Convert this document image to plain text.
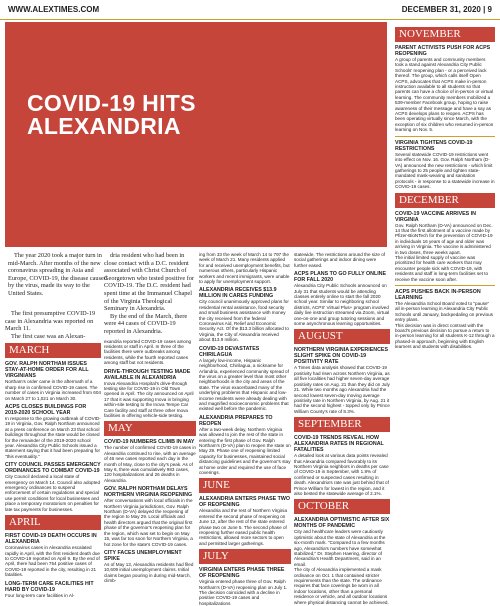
WWW.ALEXTIMES.COM	DECEMBER 31, 2020 | 9
COVID-19 HITS
ALEXANDRIA
NOVEMBER
PARENT ACTIVISTS PUSH FOR ACPS REOPENING
A group of parents and community members took a stand against Alexandria City Public Schools' reopening plan - or a perceived lack thereof. The group, which calls itself Open ACPS, advocates that ACPS make in-person instruction available to all students so that parents can have a choice of in-person or virtual learning. The community members mobilized a 539-member Facebook group, hoping to raise awareness of their message and have a say as ACPS develops plans to reopen. ACPS has been operating virtually since March, with the exception of six children who resumed in-person learning on Nov. 5.
VIRGINIA TIGHTENS COVID-19 RESTRICTIONS
Several statewide COVID-19 restrictions went into effect on Nov. 16. Gov. Ralph Northam (D-VA) announced the new restrictions - which limit gatherings to 25 people and tighten state-mandated mask-wearing and sanitation protocols - in response to a statewide increase in COVID-19 cases.
DECEMBER
COVID-19 VACCINE ARRIVES IN VIRGINIA
Gov. Ralph Northam (D-VA) announced on Dec. 14 that the first allotment of a vaccine made by Pfizer-BioNTech for the prevention of COVID-19 in individuals 16 years of age and older was arriving in Virginia. The vaccine is administered in two doses, three weeks apart.
The initial limited supply of vaccine was prioritized for health care workers that may encounter people sick with COVID-19, with residents and staff in long-term facilities set to receive the vaccine soon after.
ACPS PUSHES BACK IN-PERSON LEARNING
The Alexandria School Board voted to "pause" all in-person learning in Alexandria City Public Schools until January, backpedaling on previous entry plans.
This decision was in direct contrast with the board's previous decision to pursue a return to in-person learning for all students K-12 through a phased-in approach, beginning with English learners and students with disabilities.
The year 2020 took a major turn in mid-March. After months of the new coronavirus spreading in Asia and Europe, COVID-19, the disease caused by the virus, made its way to the United States.
The first presumptive COVID-19 case in Alexandria was reported on March 11.
The first case was an Alexan-
MARCH
GOV. RALPH NORTHAM ISSUES STAY-AT-HOME ORDER FOR ALL VIRGINIANS
Northam's order came in the aftermath of a sharp rise in confirmed COVID-19 cases. The number of cases in Virginia increased from 604 on March 27 to 1,021 on March 30.
ACPS CLOSES BUILDINGS FOR 2019-2020 SCHOOL YEAR
In response to the growing outbreak of COVID-19 in Virginia, Gov. Ralph Northam announced at a press conference on March 23 that school buildings throughout the state would be closed for the remainder of the 2019-2020 school year. Alexandria City Public Schools issued a statement saying that it had been preparing for "this eventuality."
CITY COUNCIL PASSES EMERGENCY ORDINANCES TO COMBAT COVID-19
City Council declared a local state of emergency on March 14. Council also adopted emergency ordinances to suspend enforcement of certain regulations and special use permit conditions for local businesses and place a temporary moratorium on penalties for late tax payments for businesses.
APRIL
FIRST COVID-19 DEATH OCCURS IN ALEXANDRIA
Coronavirus cases in Alexandria escalated rapidly in April, with the first resident death due to COVID-19 reported on April 9. By the end of April, there had been 754 positive cases of COVID-19 reported in the city, resulting in 21 fatalities.
LONG-TERM CARE FACILITIES HIT HARD BY COVID-19
Four long-term care facilities in Al-
dria resident who had been in close contact with a D.C. resident associated with Christ Church of Georgetown who tested positive for COVID-19. The D.C. resident had spent time at the Immanuel Chapel of the Virginia Theological Seminary in Alexandria.
By the end of the March, there were 44 cases of COVID-19 reported in Alexandria.
exandria reported COVID-19 cases among residents or staff in April. In three of the facilities there were outbreaks among residents, while the fourth reported cases among staff but not residents.
DRIVE-THROUGH TESTING MADE AVAILABLE IN ALEXANDRIA
Inova Alexandria Hospital's drive-through testing site for COVID-19 in Old Town opened in April. The city announced on April 17 that it was supporting Inova in bringing within-site testing to the Inova Tempe Car Care facility and staff at three other Inova facilities in offering vehicle-side testing.
MAY
COVID-19 NUMBERS CLIMB IN MAY
The number of confirmed COVID-19 cases in Alexandria continued to rise, with an average of 46 new cases reported each day in the month of May, close to the city's peak. As of May 6, there was cumulatively 983 cases, 120 hospitalizations and 26 deaths in Alexandria.
GOV. RALPH NORTHAM DELAYS NORTHERN VIRGINIA REOPENING
After conversations with local officials in the Northern Virginia jurisdictions, Gov. Ralph Northam (D-VA) delayed the reopening of the region to May 29. Local officials and health directors argued that the original first phase of the governor's reopening plan for the region, which was set to begin on May 15, was far too soon for Northern Virginia, a hot zone for the state's COVID-19 cases.
CITY FACES UNEMPLOYMENT SPIKE
As of May 13, Alexandria residents had filed 10,609 initial unemployment claims. Initial claims began pouring in during mid-March, climb-
ing from 33 the week of March 14 to 797 the week of March 21. Many residents applied for and received unemployment benefits, but numerous others, particularly Hispanic workers and recent immigrants, were unable to apply for unemployment support.
ALEXANDRIA RECEIVES $13.9 MILLION IN CARES FUNDING
City council unanimously approved plans for residential rental assistance, food security and small business assistance with money the city received from the federal Coronavirus Aid, Relief and Economic Security Act. Of the $13.3 billion allocated to Virginia, the City of Alexandria received about $13.9 million.
COVID-19 DEVASTATES CHIRILAGUA
A largely low-income, Hispanic neighborhood, Chirilagua, a nickname for Arlandria, experienced community spread of the virus on a greater level than most other neighborhoods in the city and areas of the state. The virus exacerbated many of the underlying problems that Hispanic and low-income residents were already dealing with and magnified socioeconomic problems that existed well before the pandemic.
ALEXANDRIA PREPARES TO REOPEN
After a two-week delay, Northern Virginia was allowed to join the rest of the state in entering the first phase of Gov. Ralph Northam's (D-VA) plan to reopen the state on May 29. Phase one of reopening limited capacity for businesses, maintained social distancing guidelines and the governor's stay at home order and required the use of face coverings.
JUNE
ALEXANDRIA ENTERS PHASE TWO OF REOPENING
Alexandria and the rest of Northern Virginia entered the second phase of reopening on June 12, after the rest of the state entered phase two on June 5. The second phase of reopening further eased public health restrictions, allowed more sectors to open and permitted larger gatherings.
JULY
VIRGINIA ENTERS PHASE THREE OF REOPENING
Virginia entered phase three of Gov. Ralph Northam's (D-VA) reopening plan on July 1. The decision coincided with a decline in positive COVID-19 cases and hospitalizations
statewide. The restrictions around the size of social gatherings and indoor dining were further eased.
ACPS PLANS TO GO FULLY ONLINE FOR FALL 2020
Alexandria City Public Schools announced on July 31 that students would be attending classes entirely online to start the fall 2020 school year. Similar to neighboring school districts, ACPS' Virtual Plus+ program involved daily live instruction streamed via Zoom, virtual one-on-one and group tutoring sessions and some asynchronous learning opportunities.
AUGUST
NORTHERN VIRGINIA EXPERIENCES SLIGHT SPIKE ON COVID-19 POSITIVITY RATE
A Times data analysis showed that COVID-19 positivity had risen across Northern Virginia, as all five localities had higher seven-day average positivity rates on Aug. 21 than they did on July 21. While two months ago Alexandria had the second lowest seven-day moving average positivity rate in Northern Virginia, by Aug. 21 it had the second highest - topped only by Prince William County's rate of 8.3%.
SEPTEMBER
COVID-19 TRENDS REVEAL HOW ALEXANDRIA RATES IN REGIONAL FATALITIES
A detailed look at various data points revealed that Alexandria compared favorably to its Northern Virginia neighbors in deaths per case of COVID-19 in September, with 1.8% of confirmed or suspected cases resulting in death. Alexandria's rate was just behind that of Prince William for lowest in the region, and it also bested the statewide average of 2.1%.
OCTOBER
ALEXANDRIA OPTIMISTIC AFTER SIX MONTHS OF PANDEMIC
City and healthcare leaders were cautiously optimistic about the state of Alexandria at the six-month mark. "Compared to a few months ago, Alexandria's numbers have somewhat stabilized," Dr. Stephen Haering, director of Alexandria's Health Department, said in an email.
The city of Alexandria implemented a mask ordinance on Oct. 1 that contained stricter requirements than the state. The ordinance requires that face coverings be worn in all indoor locations, other than a personal residence or vehicle, and all outdoor locations where physical distancing cannot be achieved.
